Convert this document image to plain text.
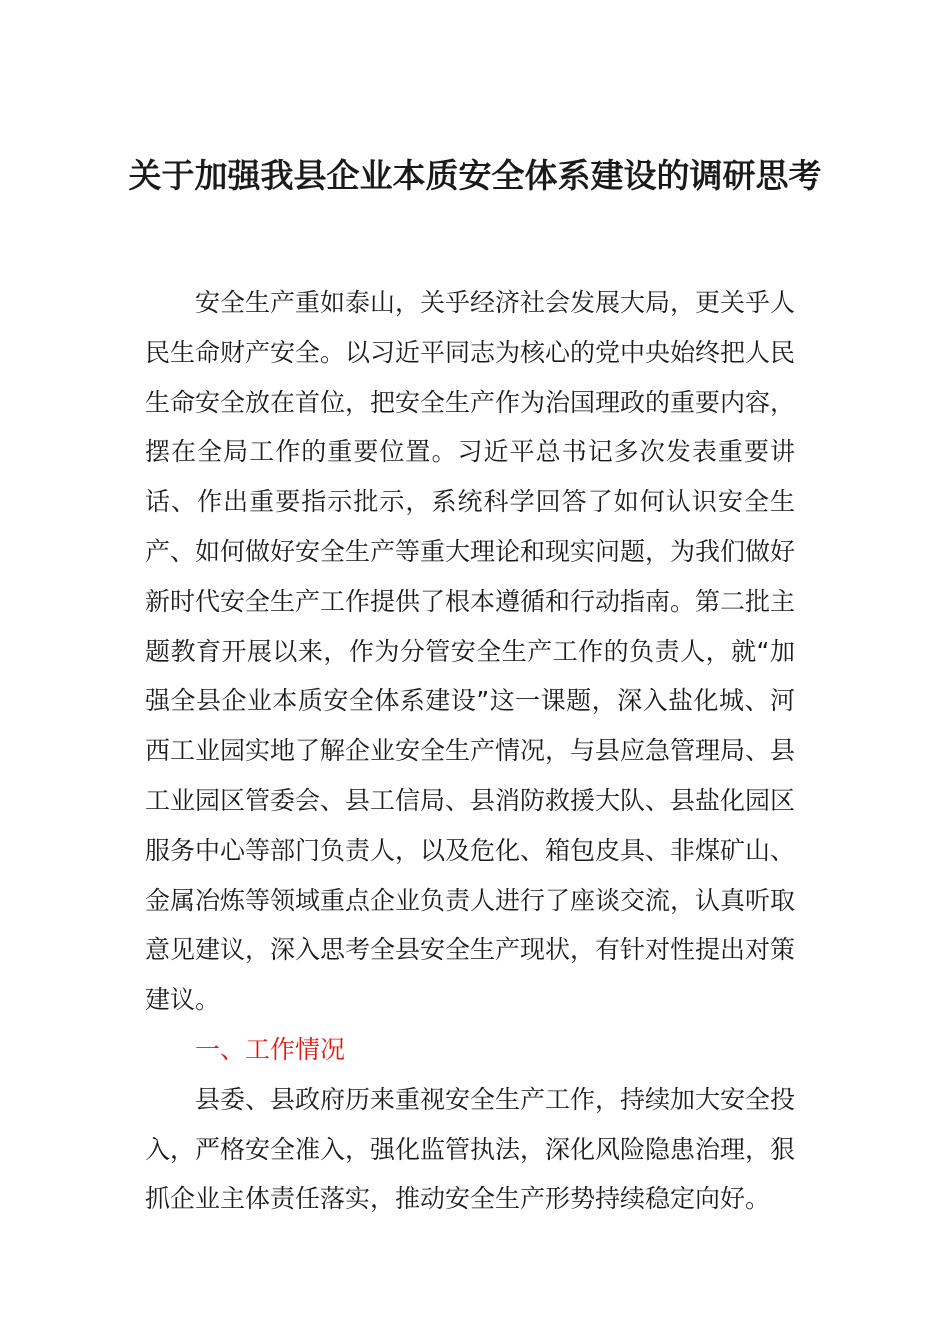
关于加强我县企业本质安全体系建设的调研思考

安全生产重如泰山，关乎经济社会发展大局，更关乎人民生命财产安全。以习近平同志为核心的党中央始终把人民生命安全放在首位，把安全生产作为治国理政的重要内容，摆在全局工作的重要位置。习近平总书记多次发表重要讲话、作出重要指示批示，系统科学回答了如何认识安全生产、如何做好安全生产等重大理论和现实问题，为我们做好新时代安全生产工作提供了根本遵循和行动指南。第二批主题教育开展以来，作为分管安全生产工作的负责人，就“加强全县企业本质安全体系建设”这一课题，深入盐化城、河西工业园实地了解企业安全生产情况，与县应急管理局、县工业园区管委会、县工信局、县消防救援大队、县盐化园区服务中心等部门负责人，以及危化、箱包皮具、非煤矿山、金属冶炼等领域重点企业负责人进行了座谈交流，认真听取意见建议，深入思考全县安全生产现状，有针对性提出对策建议。

一、工作情况

县委、县政府历来重视安全生产工作，持续加大安全投入，严格安全准入，强化监管执法，深化风险隐患治理，狠抓企业主体责任落实，推动安全生产形势持续稳定向好。
